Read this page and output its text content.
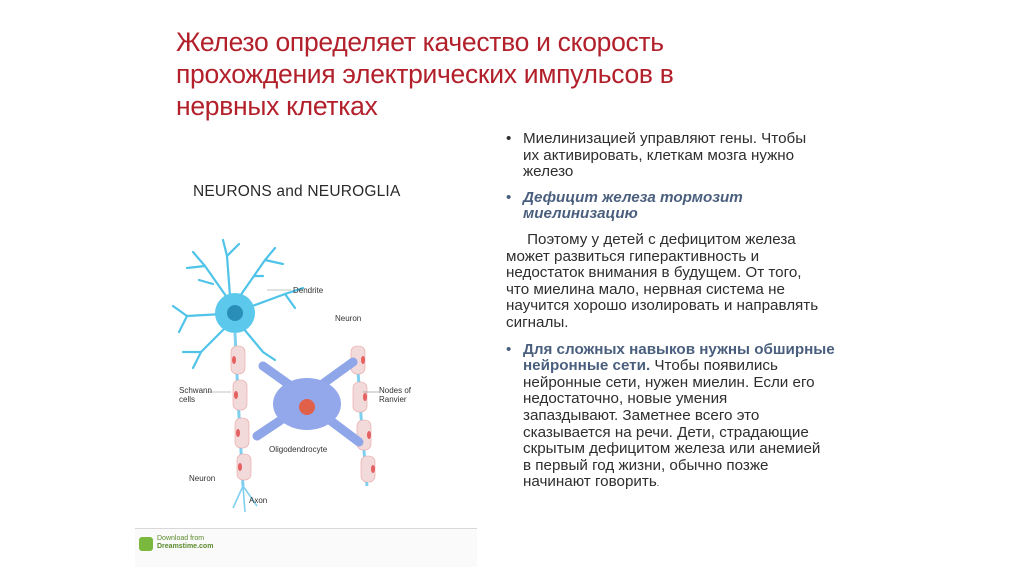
Железо определяет качество и скорость
прохождения электрических импульсов в
нервных клетках
NEURONS and NEUROGLIA
Dendrite
Neuron
Schwann
cells
Nodes of
Ranvier
Oligodendrocyte
Neuron
Axon
Download from
Dreamstime.com
• Миелинизацией управляют гены. Чтобы
их активировать, клеткам мозга нужно
железо
• Дефицит железа тормозит
миелинизацию
Поэтому у детей с дефицитом железа
может развиться гиперактивность и
недостаток внимания в будущем. От того,
что миелина мало, нервная система не
научится хорошо изолировать и направлять
сигналы.
• Для сложных навыков нужны обширные
нейронные сети. Чтобы появились
нейронные сети, нужен миелин. Если его
недостаточно, новые умения
запаздывают. Заметнее всего это
сказывается на речи. Дети, страдающие
скрытым дефицитом железа или анемией
в первый год жизни, обычно позже
начинают говорить.
